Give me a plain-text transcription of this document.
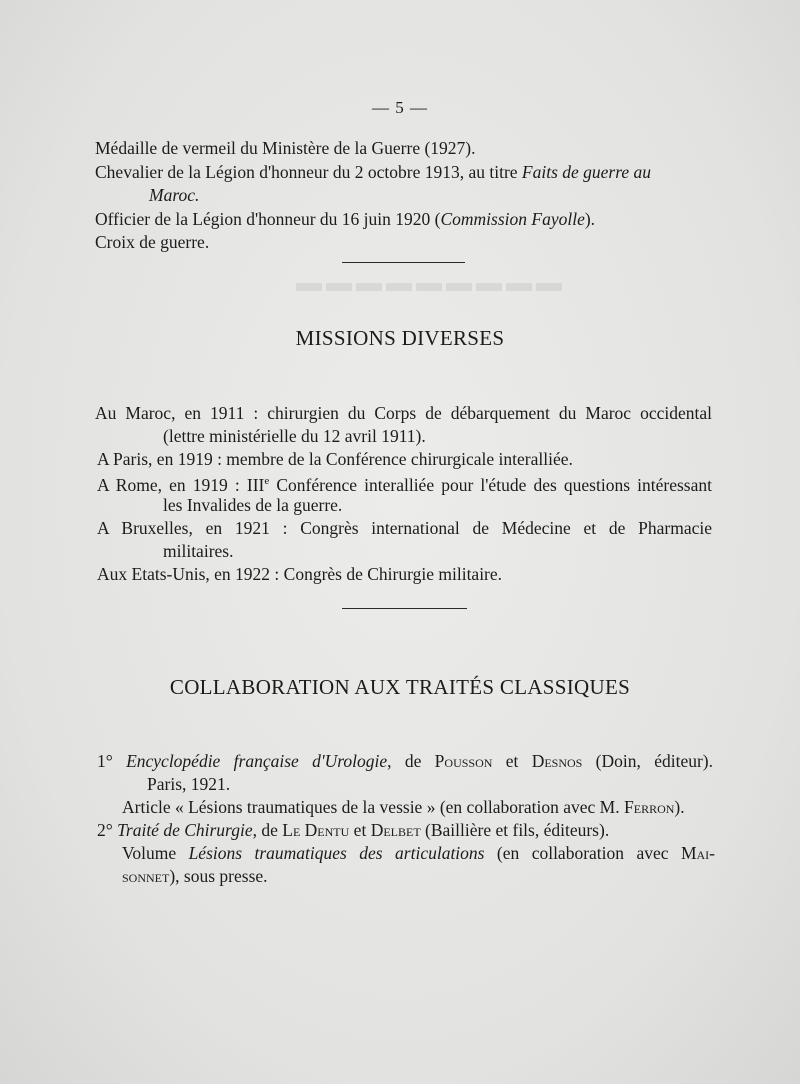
▬▬▬▬▬▬▬▬▬
— 5 —
Médaille de vermeil du Ministère de la Guerre (1927).
Chevalier de la Légion d'honneur du 2 octobre 1913, au titre Faits de guerre au
Maroc.
Officier de la Légion d'honneur du 16 juin 1920 (Commission Fayolle).
Croix de guerre.
MISSIONS DIVERSES
Au Maroc, en 1911 : chirurgien du Corps de débarquement du Maroc occidental
(lettre ministérielle du 12 avril 1911).
A Paris, en 1919 : membre de la Conférence chirurgicale interalliée.
A Rome, en 1919 : IIIe Conférence interalliée pour l'étude des questions intéressant
les Invalides de la guerre.
A Bruxelles, en 1921 : Congrès international de Médecine et de Pharmacie
militaires.
Aux Etats-Unis, en 1922 : Congrès de Chirurgie militaire.
COLLABORATION AUX TRAITÉS CLASSIQUES
1° Encyclopédie française d'Urologie, de Pousson et Desnos (Doin, éditeur).
Paris, 1921.
Article « Lésions traumatiques de la vessie » (en collaboration avec M. Ferron).
2° Traité de Chirurgie, de Le Dentu et Delbet (Baillière et fils, éditeurs).
Volume Lésions traumatiques des articulations (en collaboration avec Mai-
sonnet), sous presse.
